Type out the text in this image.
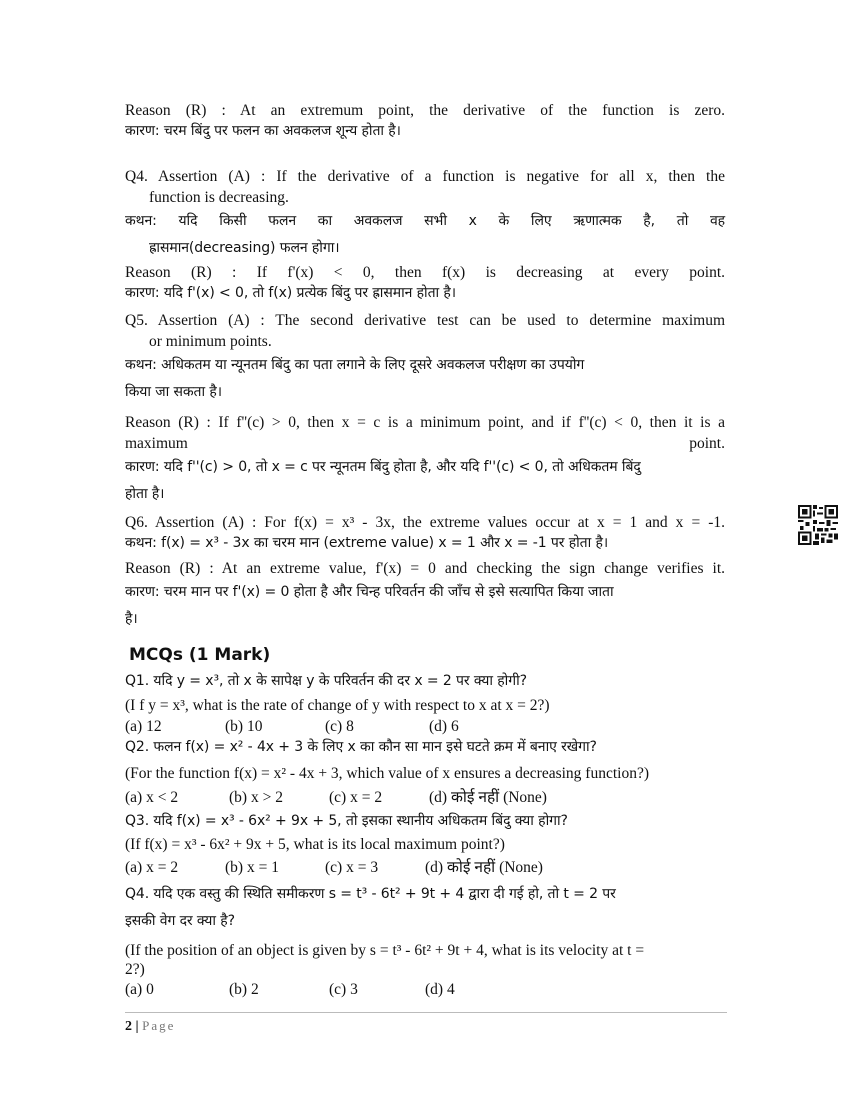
Reason (R) : At an extremum point, the derivative of the function is zero.

कारण: चरम बिंदु पर फलन का अवकलज शून्य होता है।

Q4. Assertion (A) : If the derivative of a function is negative for all x, then the

function is decreasing.

कथन: यदि किसी फलन का अवकलज सभी x के लिए ऋणात्मक है, तो वह

ह्रासमान(decreasing) फलन होगा।

Reason (R) : If f'(x) < 0, then f(x) is decreasing at every point.

कारण: यदि f'(x) < 0, तो f(x) प्रत्येक बिंदु पर ह्रासमान होता है।

Q5. Assertion (A) : The second derivative test can be used to determine maximum

or minimum points.

कथन: अधिकतम या न्यूनतम बिंदु का पता लगाने के लिए दूसरे अवकलज परीक्षण का उपयोग

किया जा सकता है।

Reason (R) : If f''(c) > 0, then x = c is a minimum point, and if f''(c) < 0, then it is a

maximum	point.

कारण: यदि f''(c) > 0, तो x = c पर न्यूनतम बिंदु होता है, और यदि f''(c) < 0, तो अधिकतम बिंदु

होता है।

Q6. Assertion (A) : For f(x) = x³ - 3x, the extreme values occur at x = 1 and x = -1.

कथन: f(x) = x³ - 3x का चरम मान (extreme value) x = 1 और x = -1 पर होता है।

Reason (R) : At an extreme value, f'(x) = 0 and checking the sign change verifies it.

कारण: चरम मान पर f'(x) = 0 होता है और चिन्ह परिवर्तन की जाँच से इसे सत्यापित किया जाता

है।

MCQs (1 Mark)

Q1. यदि y = x³, तो x के सापेक्ष y के परिवर्तन की दर x = 2 पर क्या होगी?

(I f y = x³, what is the rate of change of y with respect to x at x = 2?)

(a) 12	(b) 10	(c) 8	(d) 6

Q2. फलन f(x) = x² - 4x + 3 के लिए x का कौन सा मान इसे घटते क्रम में बनाए रखेगा?

(For the function f(x) = x² - 4x + 3, which value of x ensures a decreasing function?)

(a) x < 2	(b) x > 2	(c) x = 2	(d) कोई नहीं (None)

Q3. यदि f(x) = x³ - 6x² + 9x + 5, तो इसका स्थानीय अधिकतम बिंदु क्या होगा?

(If f(x) = x³ - 6x² + 9x + 5, what is its local maximum point?)

(a) x = 2	(b) x = 1	(c) x = 3	(d) कोई नहीं (None)

Q4. यदि एक वस्तु की स्थिति समीकरण s = t³ - 6t² + 9t + 4 द्वारा दी गई हो, तो t = 2 पर

इसकी वेग दर क्या है?

(If the position of an object is given by s = t³ - 6t² + 9t + 4, what is its velocity at t =

2?)

(a) 0	(b) 2	(c) 3	(d) 4
2 | Page
